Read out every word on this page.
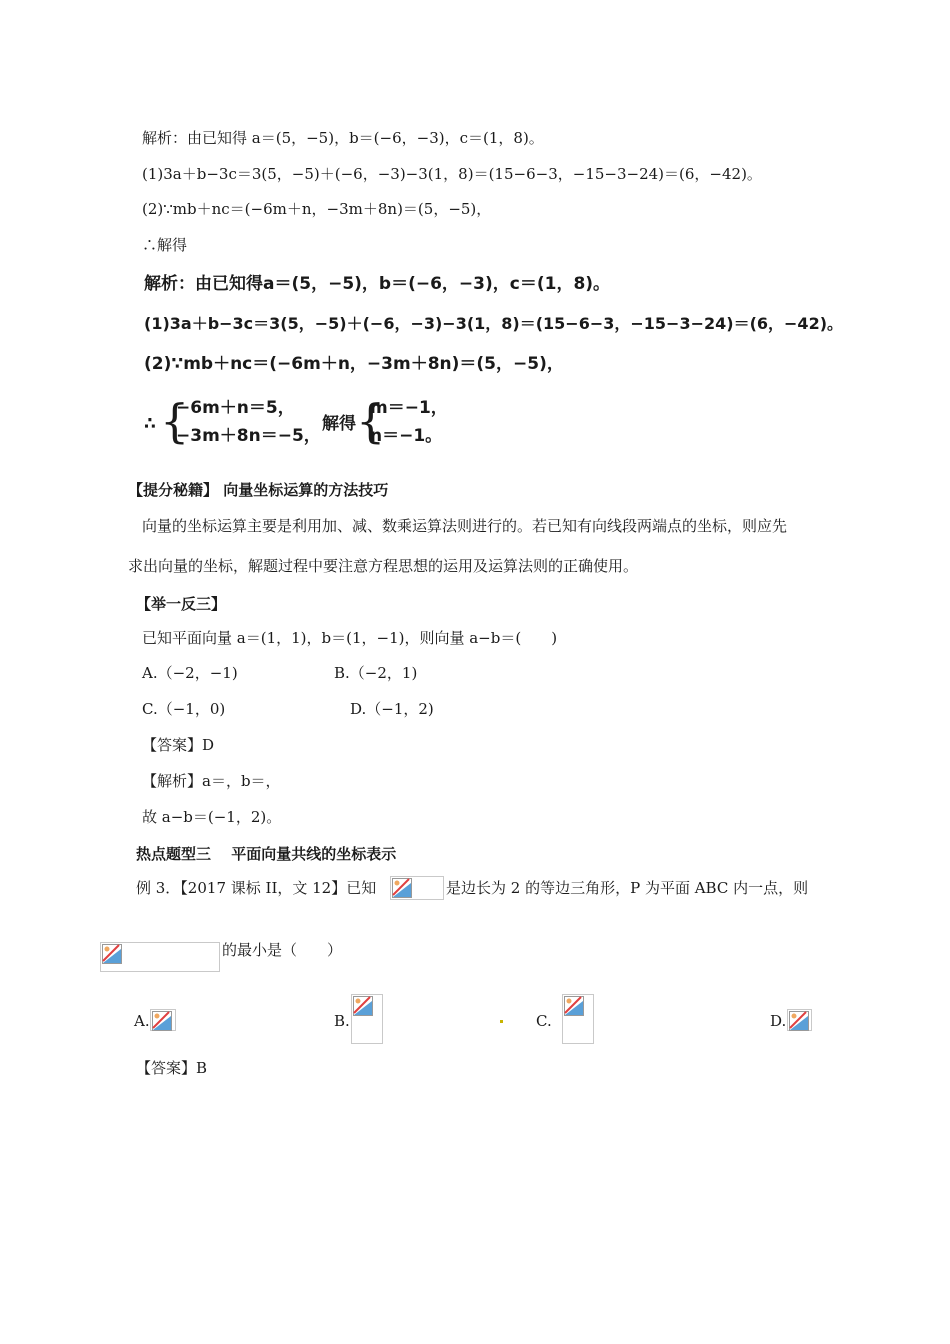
解析：由已知得 a＝(5，−5)，b＝(−6，−3)，c＝(1，8)。
(1)3a＋b−3c＝3(5，−5)＋(−6，−3)−3(1，8)＝(15−6−3，−15−3−24)＝(6，−42)。
(2)∵mb＋nc＝(−6m＋n，−3m＋8n)＝(5，−5)，
∴解得
解析：由已知得a＝(5，−5)，b＝(−6，−3)，c＝(1，8)。
(1)3a＋b−3c＝3(5，−5)＋(−6，−3)−3(1，8)＝(15−6−3，−15−3−24)＝(6，−42)。
(2)∵mb＋nc＝(−6m＋n，−3m＋8n)＝(5，−5)，
∴ {
−6m＋n＝5，
−3m＋8n＝−5，
解得 {
m＝−1，
n＝−1。
【提分秘籍】 向量坐标运算的方法技巧
向量的坐标运算主要是利用加、减、数乘运算法则进行的。若已知有向线段两端点的坐标，则应先
求出向量的坐标，解题过程中要注意方程思想的运用及运算法则的正确使用。
【举一反三】
已知平面向量 a＝(1，1)，b＝(1，−1)，则向量 a−b＝(　　)
A.（−2，−1)	B.（−2，1)
C.（−1，0)	D.（−1，2)
【答案】D
【解析】a＝，b＝，
故 a−b＝(−1，2)。
热点题型三　 平面向量共线的坐标表示
例 3．【2017 课标 II，文 12】已知	是边长为 2 的等边三角形，P 为平面 ABC 内一点，则
的最小是（　　）
A.	B.	C.	D.
【答案】B
